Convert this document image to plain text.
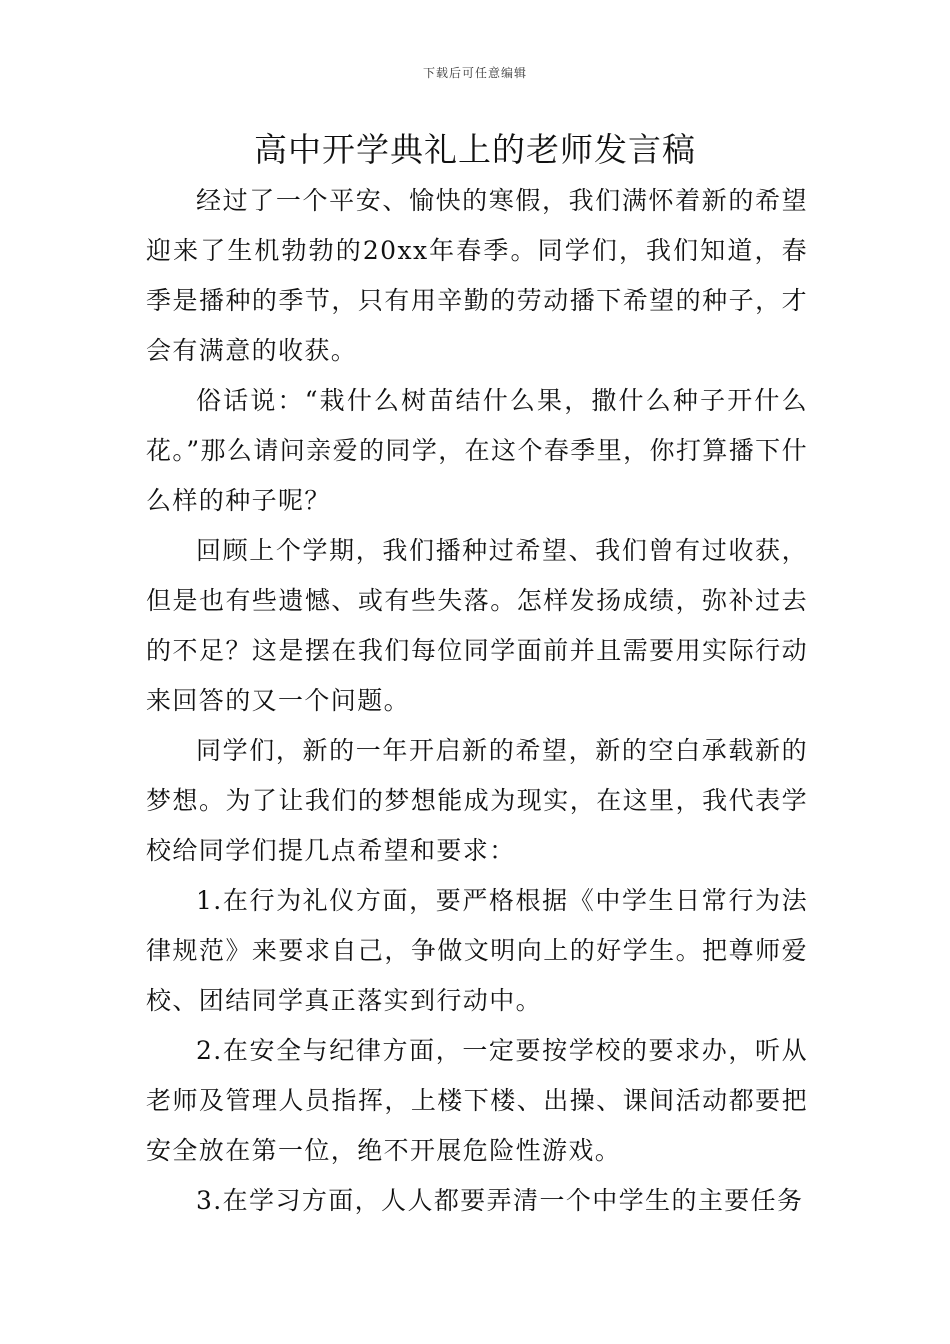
下载后可任意编辑
高中开学典礼上的老师发言稿

经过了一个平安、愉快的寒假，我们满怀着新的希望迎来了生机勃勃的20xx年春季。同学们，我们知道，春季是播种的季节，只有用辛勤的劳动播下希望的种子，才会有满意的收获。

俗话说：“栽什么树苗结什么果，撒什么种子开什么花。”那么请问亲爱的同学，在这个春季里，你打算播下什么样的种子呢？

回顾上个学期，我们播种过希望、我们曾有过收获，但是也有些遗憾、或有些失落。怎样发扬成绩，弥补过去的不足？这是摆在我们每位同学面前并且需要用实际行动来回答的又一个问题。

同学们，新的一年开启新的希望，新的空白承载新的梦想。为了让我们的梦想能成为现实，在这里，我代表学校给同学们提几点希望和要求：

1.在行为礼仪方面，要严格根据《中学生日常行为法律规范》来要求自己，争做文明向上的好学生。把尊师爱校、团结同学真正落实到行动中。

2.在安全与纪律方面，一定要按学校的要求办，听从老师及管理人员指挥，上楼下楼、出操、课间活动都要把安全放在第一位，绝不开展危险性游戏。

3.在学习方面，人人都要弄清一个中学生的主要任务
